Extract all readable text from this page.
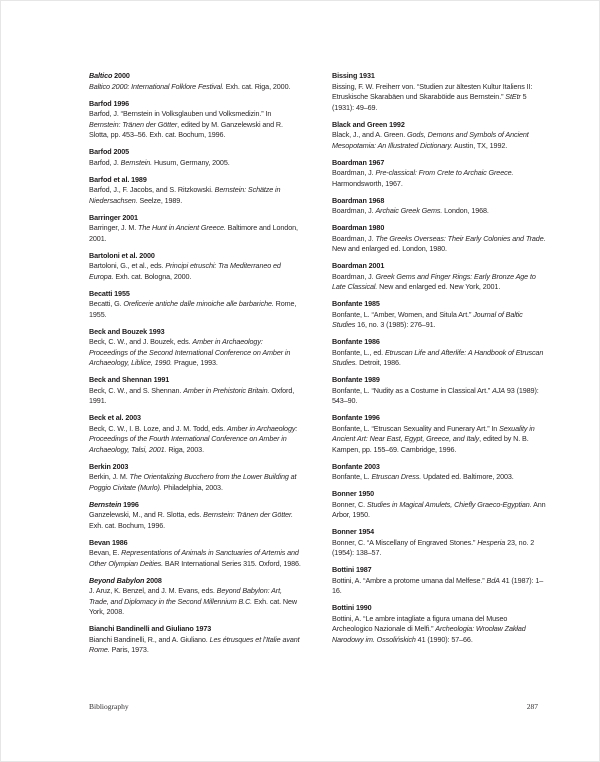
Baltico 2000
Baltico 2000: International Folklore Festival. Exh. cat. Riga, 2000.
Barfod 1996
Barfod, J. “Bernstein in Volksglauben und Volksmedizin.” In Bernstein: Tränen der Götter, edited by M. Ganzelewski and R. Slotta, pp. 453–56. Exh. cat. Bochum, 1996.
Barfod 2005
Barfod, J. Bernstein. Husum, Germany, 2005.
Barfod et al. 1989
Barfod, J., F. Jacobs, and S. Ritzkowski. Bernstein: Schätze in Niedersachsen. Seelze, 1989.
Barringer 2001
Barringer, J. M. The Hunt in Ancient Greece. Baltimore and London, 2001.
Bartoloni et al. 2000
Bartoloni, G., et al., eds. Principi etruschi: Tra Mediterraneo ed Europa. Exh. cat. Bologna, 2000.
Becatti 1955
Becatti, G. Oreficerie antiche dalle minoiche alle barbariche. Rome, 1955.
Beck and Bouzek 1993
Beck, C. W., and J. Bouzek, eds. Amber in Archaeology: Proceedings of the Second International Conference on Amber in Archaeology, Liblice, 1990. Prague, 1993.
Beck and Shennan 1991
Beck, C. W., and S. Shennan. Amber in Prehistoric Britain. Oxford, 1991.
Beck et al. 2003
Beck, C. W., I. B. Loze, and J. M. Todd, eds. Amber in Archaeology: Proceedings of the Fourth International Conference on Amber in Archaeology, Talsi, 2001. Riga, 2003.
Berkin 2003
Berkin, J. M. The Orientalizing Bucchero from the Lower Building at Poggio Civitate (Murlo). Philadelphia, 2003.
Bernstein 1996
Ganzelewski, M., and R. Slotta, eds. Bernstein: Tränen der Götter. Exh. cat. Bochum, 1996.
Bevan 1986
Bevan, E. Representations of Animals in Sanctuaries of Artemis and Other Olympian Deities. BAR International Series 315. Oxford, 1986.
Beyond Babylon 2008
J. Aruz, K. Benzel, and J. M. Evans, eds. Beyond Babylon: Art, Trade, and Diplomacy in the Second Millennium B.C. Exh. cat. New York, 2008.
Bianchi Bandinelli and Giuliano 1973
Bianchi Bandinelli, R., and A. Giuliano. Les étrusques et l’Italie avant Rome. Paris, 1973.
Bissing 1931
Bissing, F. W. Freiherr von. “Studien zur ältesten Kultur Italiens II: Etruskische Skarabäen und Skaraböide aus Bernstein.” StEtr 5 (1931): 49–69.
Black and Green 1992
Black, J., and A. Green. Gods, Demons and Symbols of Ancient Mesopotamia: An Illustrated Dictionary. Austin, TX, 1992.
Boardman 1967
Boardman, J. Pre-classical: From Crete to Archaic Greece. Harmondsworth, 1967.
Boardman 1968
Boardman, J. Archaic Greek Gems. London, 1968.
Boardman 1980
Boardman, J. The Greeks Overseas: Their Early Colonies and Trade. New and enlarged ed. London, 1980.
Boardman 2001
Boardman, J. Greek Gems and Finger Rings: Early Bronze Age to Late Classical. New and enlarged ed. New York, 2001.
Bonfante 1985
Bonfante, L. “Amber, Women, and Situla Art.” Journal of Baltic Studies 16, no. 3 (1985): 276–91.
Bonfante 1986
Bonfante, L., ed. Etruscan Life and Afterlife: A Handbook of Etruscan Studies. Detroit, 1986.
Bonfante 1989
Bonfante, L. “Nudity as a Costume in Classical Art.” AJA 93 (1989): 543–90.
Bonfante 1996
Bonfante, L. “Etruscan Sexuality and Funerary Art.” In Sexuality in Ancient Art: Near East, Egypt, Greece, and Italy, edited by N. B. Kampen, pp. 155–69. Cambridge, 1996.
Bonfante 2003
Bonfante, L. Etruscan Dress. Updated ed. Baltimore, 2003.
Bonner 1950
Bonner, C. Studies in Magical Amulets, Chiefly Graeco-Egyptian. Ann Arbor, 1950.
Bonner 1954
Bonner, C. “A Miscellany of Engraved Stones.” Hesperia 23, no. 2 (1954): 138–57.
Bottini 1987
Bottini, A. “Ambre a protome umana dal Melfese.” BdA 41 (1987): 1–16.
Bottini 1990
Bottini, A. “Le ambre intagliate a figura umana del Museo Archeologico Nazionale di Melfi.” Archeologia: Wrocław Zakład Narodowy im. Ossolińskich 41 (1990): 57–66.
Bibliography	287
